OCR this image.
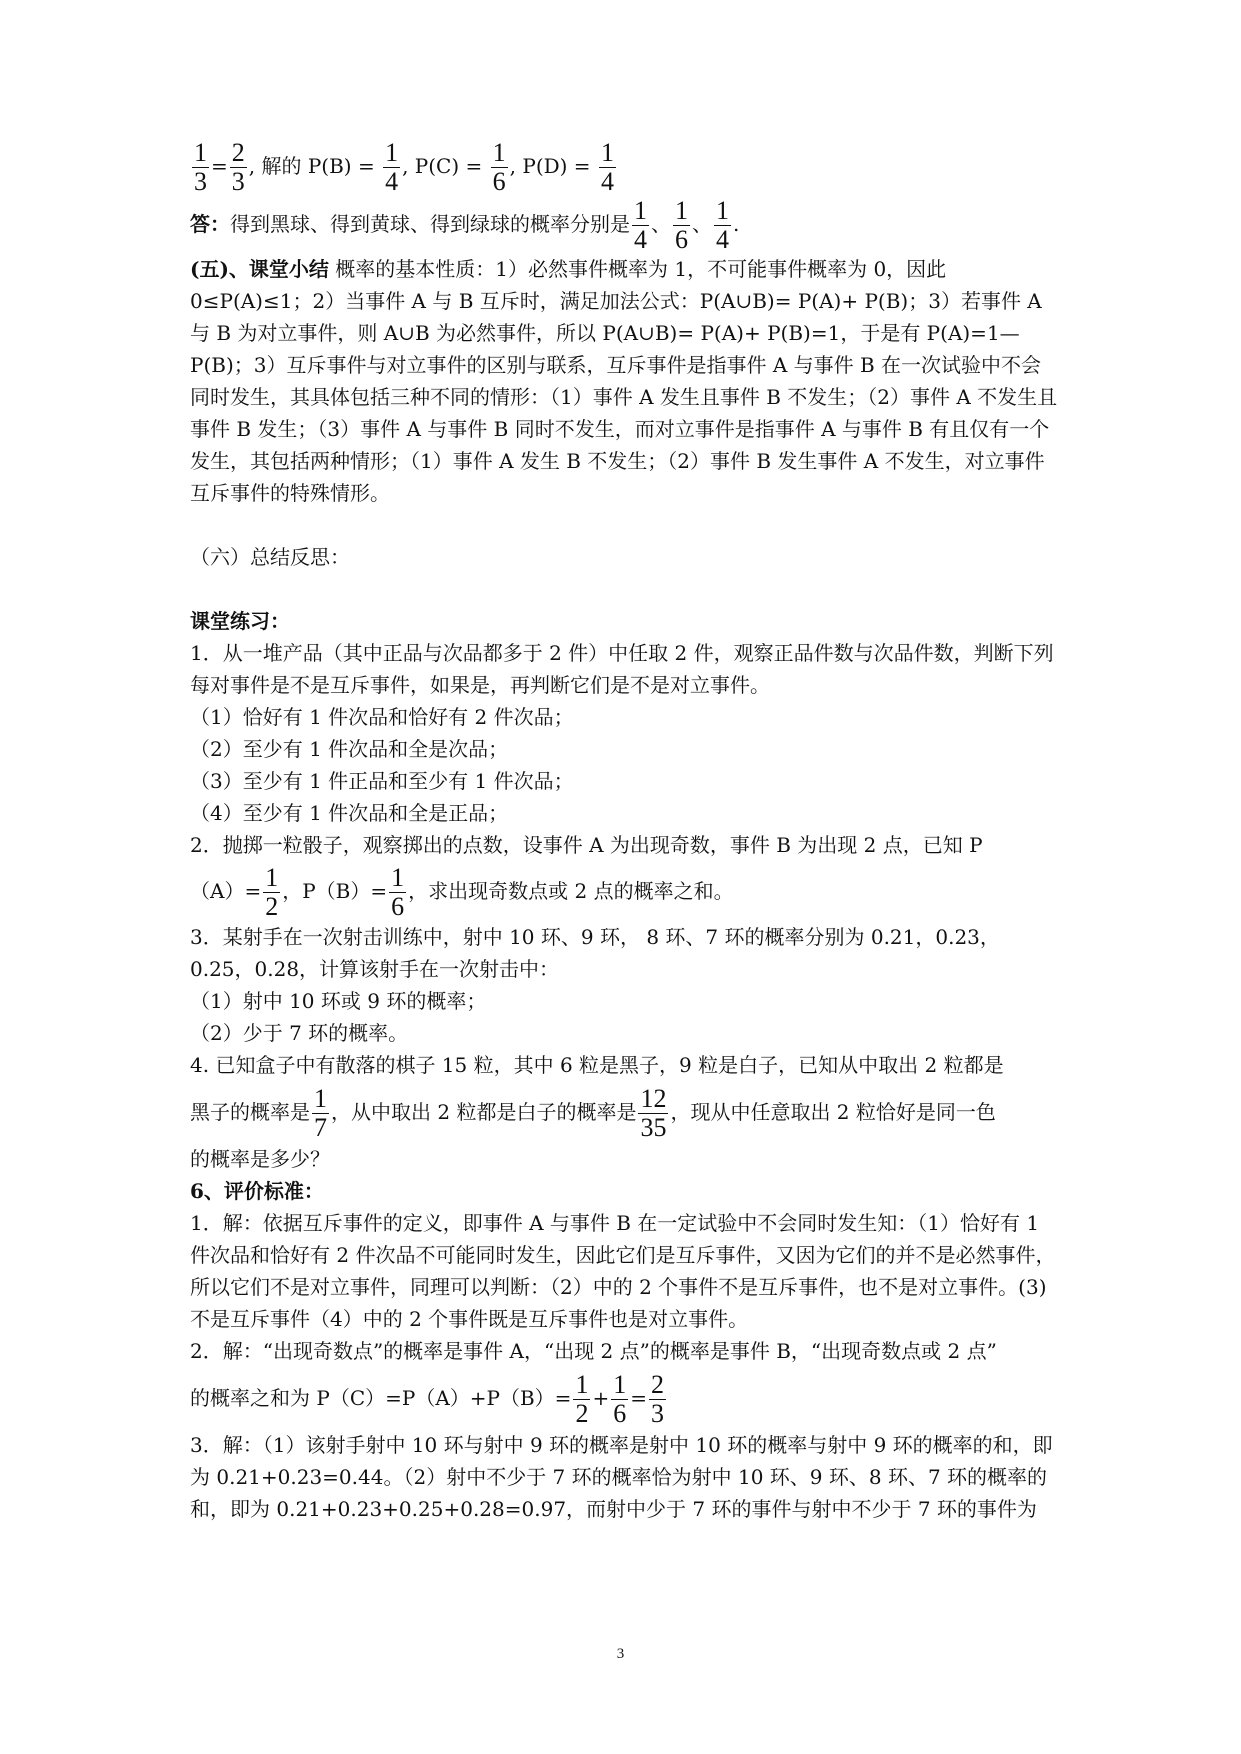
$\frac{1}{3} = \frac{2}{3}$ , 解的 $P(B) = \frac{1}{4}$ , $P(C) = \frac{1}{6}$ , $P(D) = \frac{1}{4}$
答：得到黑球、得到黄球、得到绿球的概率分别是 $\frac{1}{4}$ 、 $\frac{1}{6}$ 、 $\frac{1}{4}$ .

(五)、课堂小结 概率的基本性质：1）必然事件概率为 1，不可能事件概率为 0，因此 0≤P(A)≤1；2）当事件 A 与 B 互斥时，满足加法公式：P(A∪B)= P(A)+ P(B)；3）若事件 A 与 B 为对立事件，则 A∪B 为必然事件，所以 P(A∪B)= P(A)+ P(B)=1，于是有 P(A)=1—P(B)；3）互斥事件与对立事件的区别与联系，互斥事件是指事件 A 与事件 B 在一次试验中不会同时发生，其具体包括三种不同的情形：（1）事件 A 发生且事件 B 不发生；（2）事件 A 不发生且事件 B 发生；（3）事件 A 与事件 B 同时不发生，而对立事件是指事件 A 与事件 B 有且仅有一个发生，其包括两种情形；（1）事件 A 发生 B 不发生；（2）事件 B 发生事件 A 不发生，对立事件互斥事件的特殊情形。

（六）总结反思：

课堂练习：

1．从一堆产品（其中正品与次品都多于 2 件）中任取 2 件，观察正品件数与次品件数，判断下列每对事件是不是互斥事件，如果是，再判断它们是不是对立事件。

（1）恰好有 1 件次品和恰好有 2 件次品；

（2）至少有 1 件次品和全是次品；

（3）至少有 1 件正品和至少有 1 件次品；

（4）至少有 1 件次品和全是正品；

2．抛掷一粒骰子，观察掷出的点数，设事件 A 为出现奇数，事件 B 为出现 2 点，已知 P

$(A)= \frac{1}{2}$ ，$P(B)= \frac{1}{6}$ ，求出现奇数点或 2 点的概率之和。

3．某射手在一次射击训练中，射中 10 环、9 环， 8 环、7 环的概率分别为 0.21，0.23，0.25，0.28，计算该射手在一次射击中：

（1）射中 10 环或 9 环的概率；

（2）少于 7 环的概率。

4. 已知盒子中有散落的棋子 15 粒，其中 6 粒是黑子，9 粒是白子，已知从中取出 2 粒都是

黑子的概率是 $\frac{1}{7}$ ，从中取出 2 粒都是白子的概率是 $\frac{12}{35}$ ，现从中任意取出 2 粒恰好是同一色

的概率是多少？

6、评价标准：

1．解：依据互斥事件的定义，即事件 A 与事件 B 在一定试验中不会同时发生知：（1）恰好有 1 件次品和恰好有 2 件次品不可能同时发生，因此它们是互斥事件，又因为它们的并不是必然事件，所以它们不是对立事件，同理可以判断：（2）中的 2 个事件不是互斥事件，也不是对立事件。(3)不是互斥事件（4）中的 2 个事件既是互斥事件也是对立事件。

2．解：“出现奇数点”的概率是事件 A，“出现 2 点”的概率是事件 B，“出现奇数点或 2 点”

的概率之和为 $P(C)=P(A)+P(B)= \frac{1}{2} + \frac{1}{6} = \frac{2}{3}$

3．解：（1）该射手射中 10 环与射中 9 环的概率是射中 10 环的概率与射中 9 环的概率的和，即为 0.21+0.23=0.44。（2）射中不少于 7 环的概率恰为射中 10 环、9 环、8 环、7 环的概率的和，即为 0.21+0.23+0.25+0.28=0.97，而射中少于 7 环的事件与射中不少于 7 环的事件为

3
